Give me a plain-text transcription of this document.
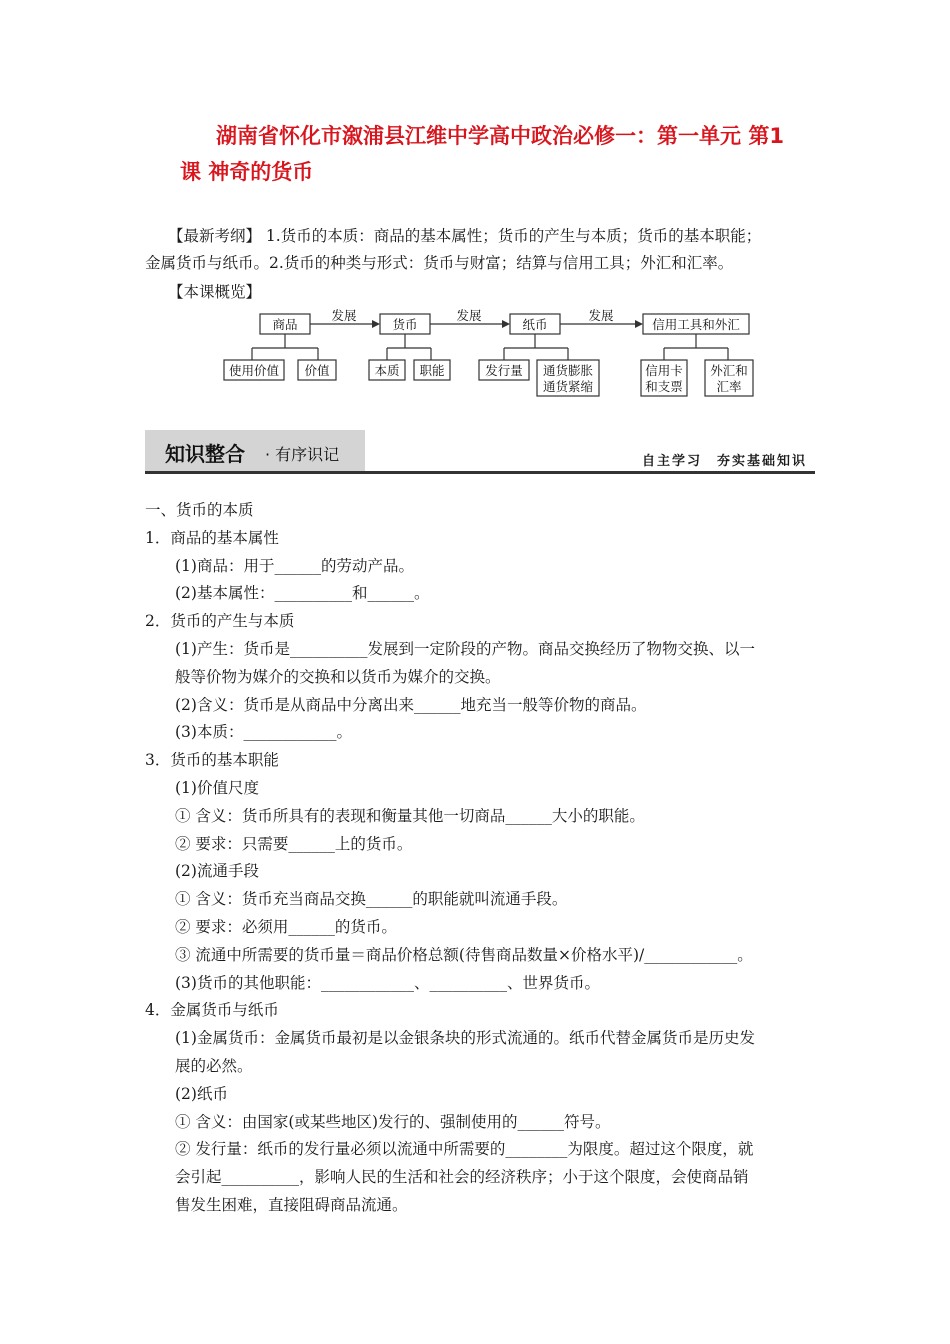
湖南省怀化市溆浦县江维中学高中政治必修一：第一单元 第1

课 神奇的货币
【最新考纲】 1.货币的本质：商品的基本属性；货币的产生与本质；货币的基本职能；
金属货币与纸币。2.货币的种类与形式：货币与财富；结算与信用工具；外汇和汇率。
【本课概览】
商品	货币	纸币	信用工具和外汇
发展	发展	发展
使用价值 价值	本质 职能	发行量 通货膨胀
通货紧缩
信用卡
和支票
外汇和
汇率
知识整合 · 有序识记	自主学习　夯实基础知识
一、货币的本质
1．商品的基本属性
(1)商品：用于______的劳动产品。
(2)基本属性：__________和______。
2．货币的产生与本质
(1)产生：货币是__________发展到一定阶段的产物。商品交换经历了物物交换、以一
般等价物为媒介的交换和以货币为媒介的交换。
(2)含义：货币是从商品中分离出来______地充当一般等价物的商品。
(3)本质：____________。
3．货币的基本职能
(1)价值尺度
① 含义：货币所具有的表现和衡量其他一切商品______大小的职能。
② 要求：只需要______上的货币。
(2)流通手段
① 含义：货币充当商品交换______的职能就叫流通手段。
② 要求：必须用______的货币。
③ 流通中所需要的货币量＝商品价格总额(待售商品数量×价格水平)/____________。
(3)货币的其他职能：____________、__________、世界货币。
4．金属货币与纸币
(1)金属货币：金属货币最初是以金银条块的形式流通的。纸币代替金属货币是历史发
展的必然。
(2)纸币
① 含义：由国家(或某些地区)发行的、强制使用的______符号。
② 发行量：纸币的发行量必须以流通中所需要的________为限度。超过这个限度，就
会引起__________，影响人民的生活和社会的经济秩序；小于这个限度，会使商品销
售发生困难，直接阻碍商品流通。
